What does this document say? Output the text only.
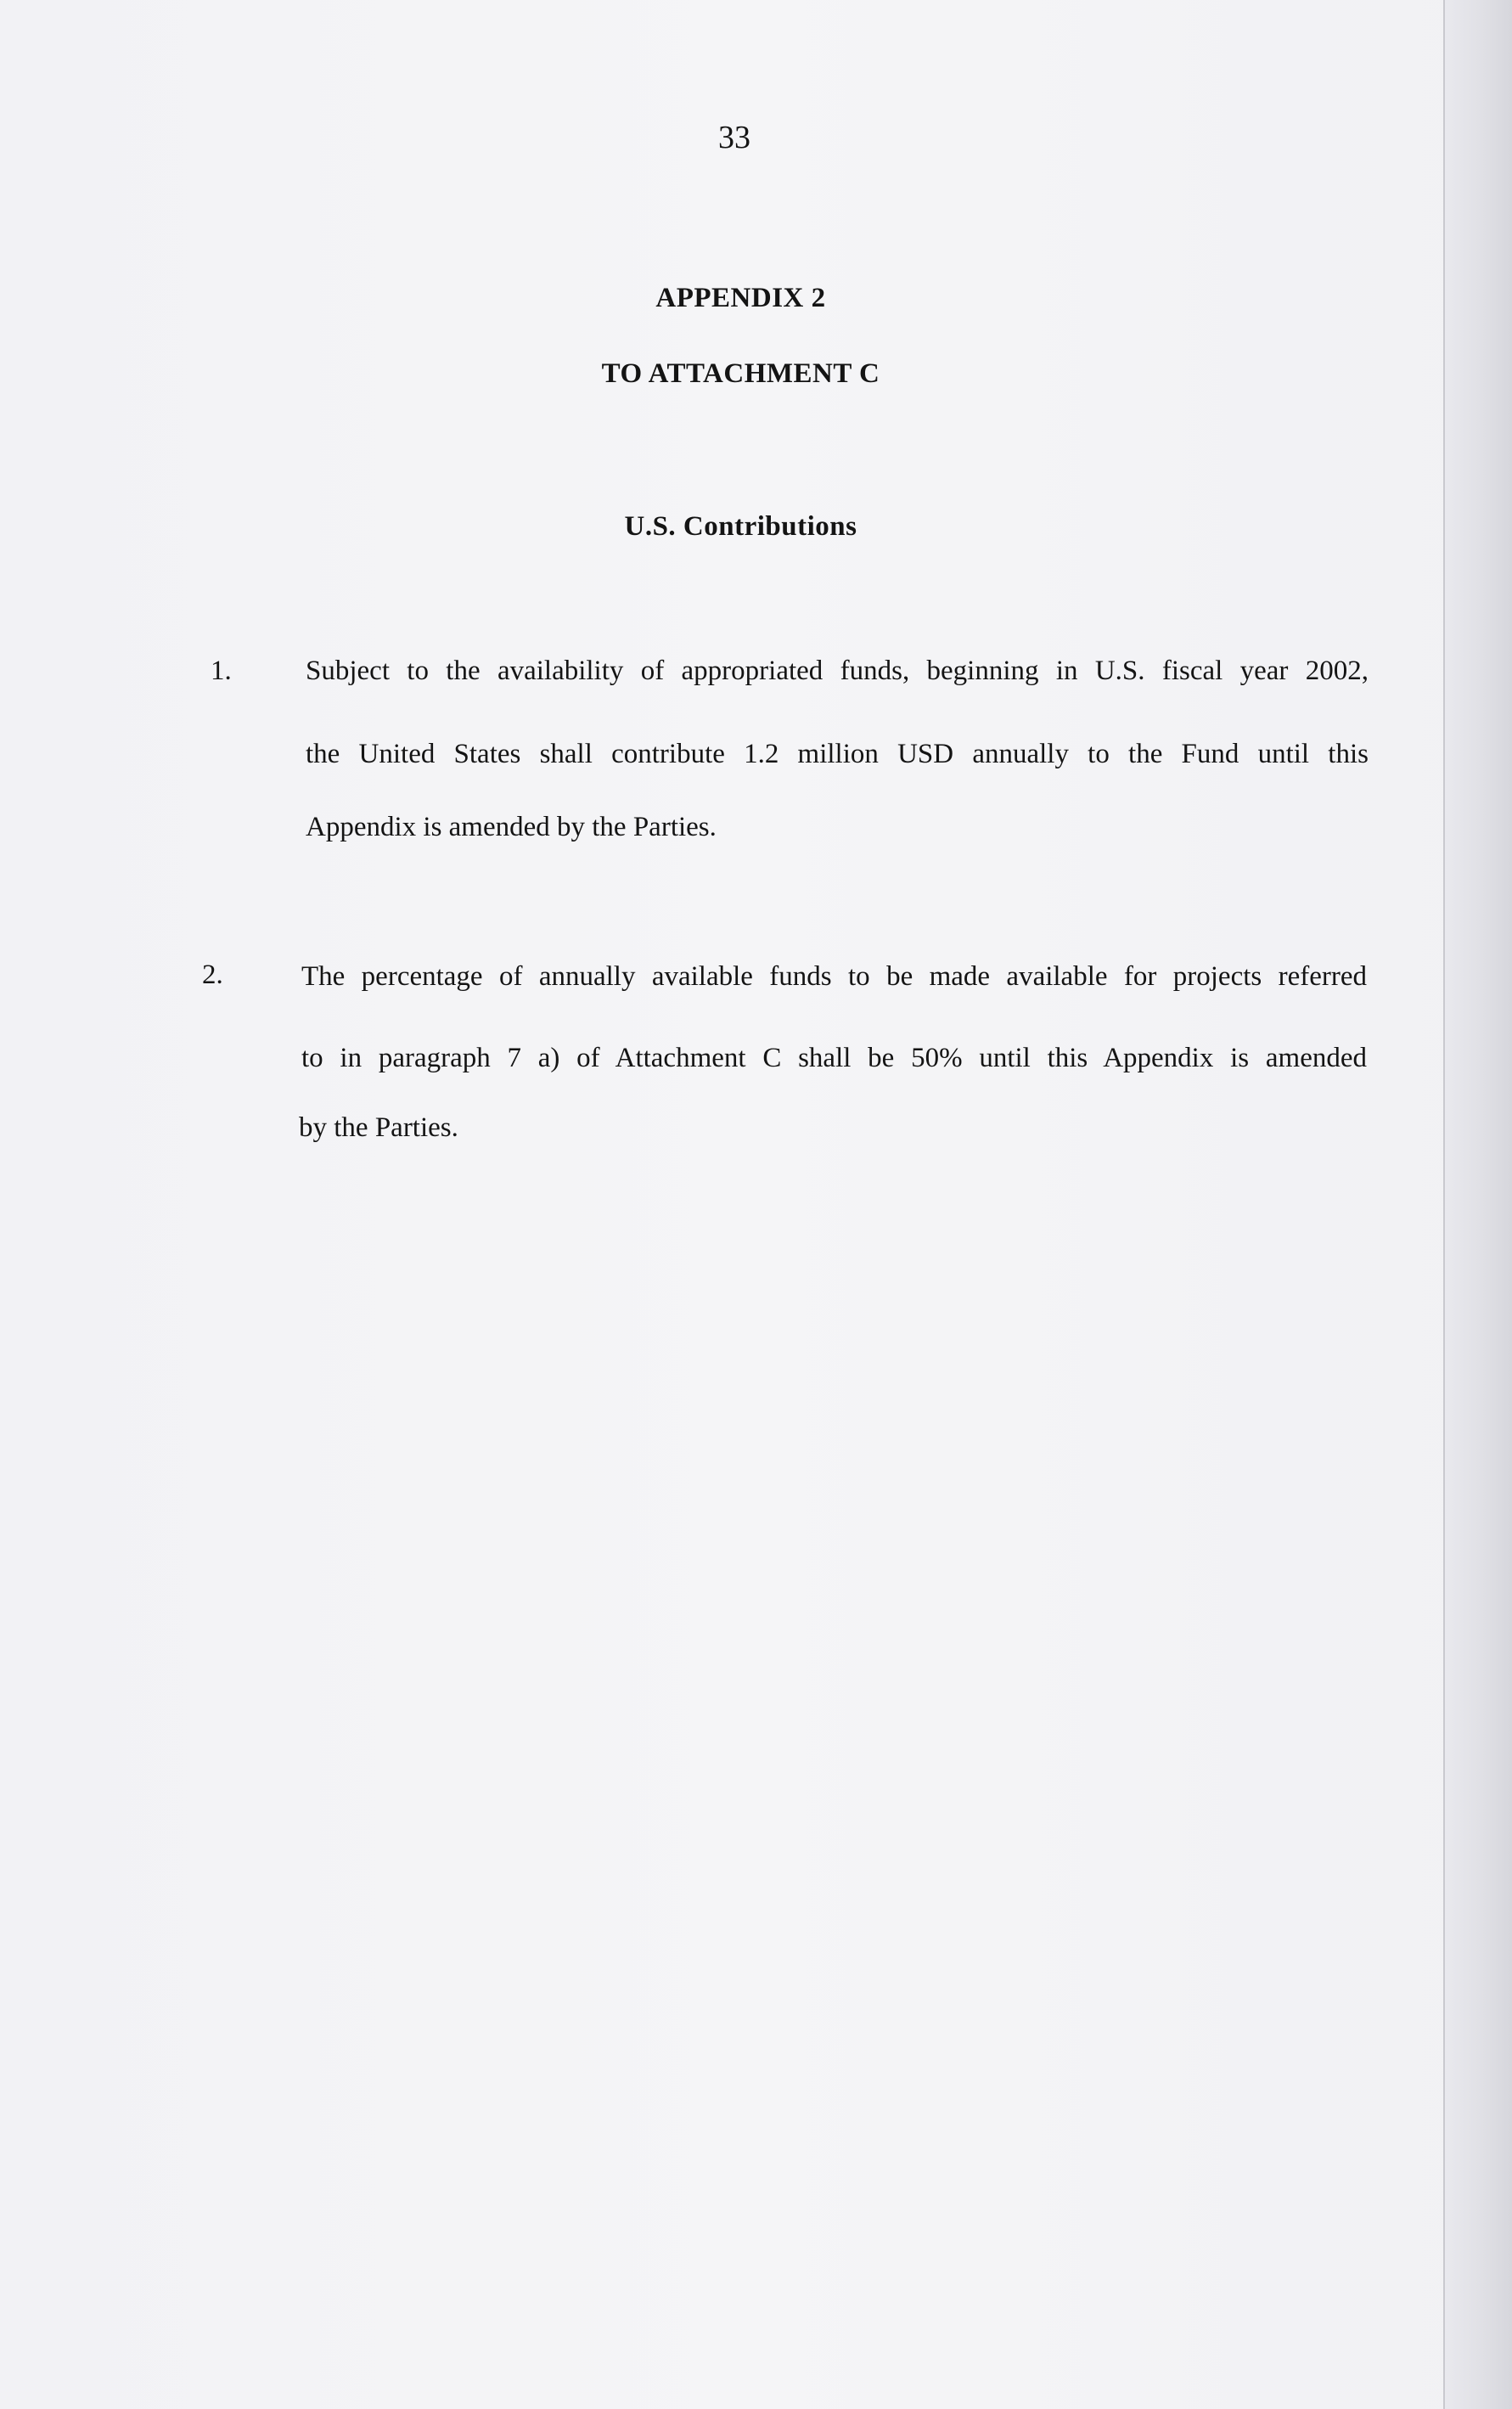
33
APPENDIX 2
TO ATTACHMENT C
U.S. Contributions
1.	Subject to the availability of appropriated funds, beginning in U.S. fiscal year 2002,
the United States shall contribute 1.2 million USD annually to the Fund until this
Appendix is amended by the Parties.
2.	The percentage of annually available funds to be made available for projects referred
to in paragraph 7 a) of Attachment C shall be 50% until this Appendix is amended
by the Parties.
